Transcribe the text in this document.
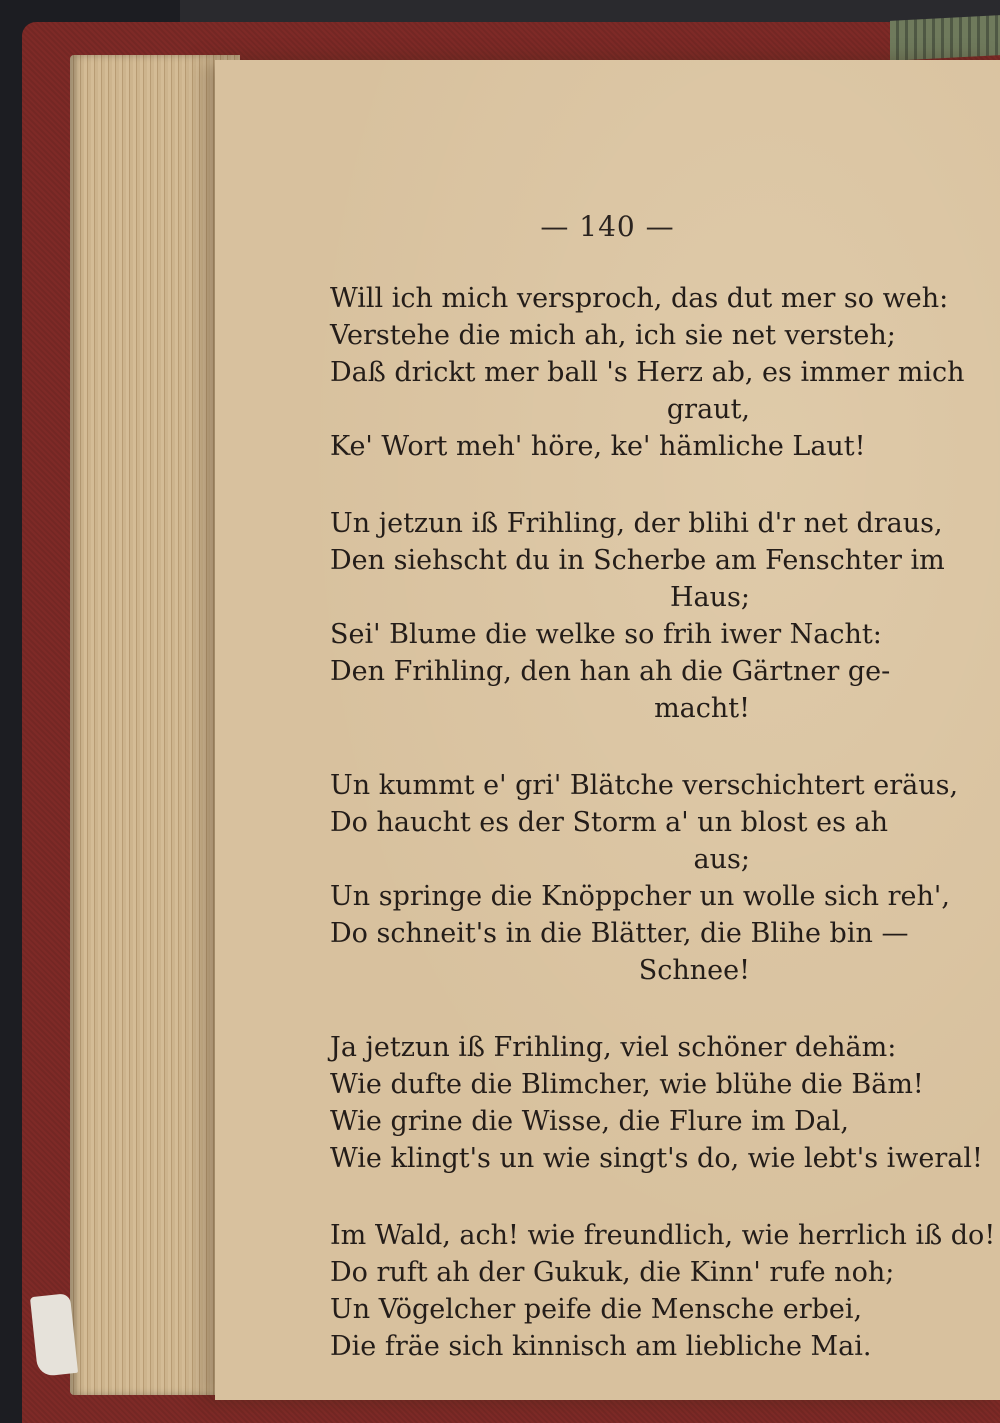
— 140 —
Will ich mich versproch, das dut mer so weh:
Verstehe die mich ah, ich sie net versteh;
Daß drickt mer ball 's Herz ab, es immer mich
graut,
Ke' Wort meh' höre, ke' hämliche Laut!
Un jetzun iß Frihling, der blihi d'r net draus,
Den siehscht du in Scherbe am Fenschter im
Haus;
Sei' Blume die welke so frih iwer Nacht:
Den Frihling, den han ah die Gärtner ge-
macht!
Un kummt e' gri' Blätche verschichtert eräus,
Do haucht es der Storm a' un blost es ah
aus;
Un springe die Knöppcher un wolle sich reh',
Do schneit's in die Blätter, die Blihe bin —
Schnee!
Ja jetzun iß Frihling, viel schöner dehäm:
Wie dufte die Blimcher, wie blühe die Bäm!
Wie grine die Wisse, die Flure im Dal,
Wie klingt's un wie singt's do, wie lebt's iweral!
Im Wald, ach! wie freundlich, wie herrlich iß do!
Do ruft ah der Gukuk, die Kinn' rufe noh;
Un Vögelcher peife die Mensche erbei,
Die fräe sich kinnisch am liebliche Mai.
